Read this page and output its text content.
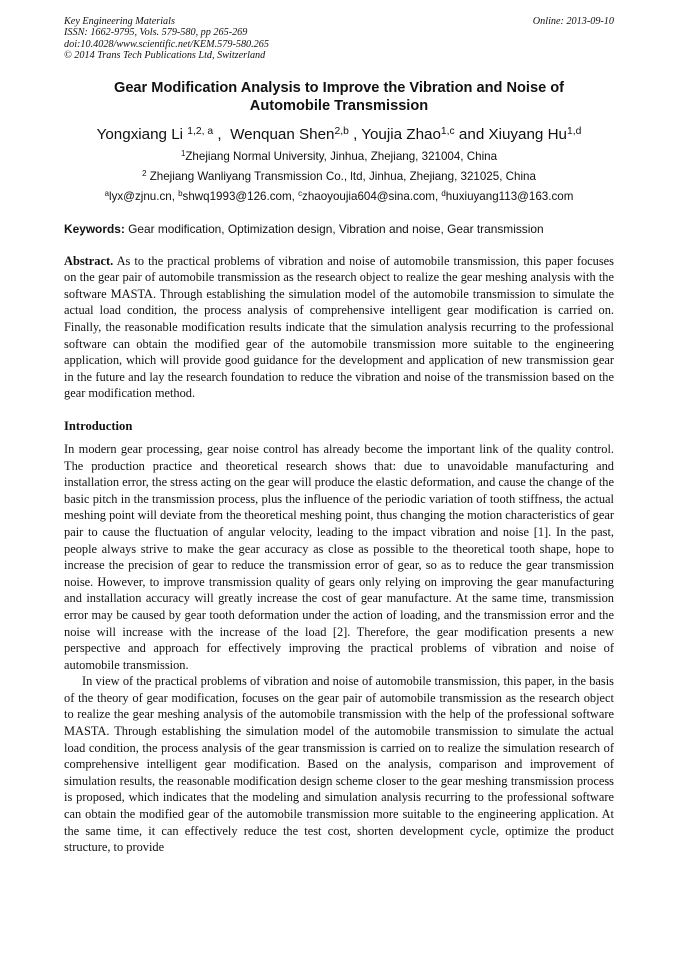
Key Engineering Materials
ISSN: 1662-9795, Vols. 579-580, pp 265-269
doi:10.4028/www.scientific.net/KEM.579-580.265
© 2014 Trans Tech Publications Ltd, Switzerland
Online: 2013-09-10
Gear Modification Analysis to Improve the Vibration and Noise of
Automobile Transmission
Yongxiang Li $^{1,2, a}$ ,  Wenquan Shen$^{2,b}$ , Youjia Zhao$^{1,c}$ and Xiuyang Hu$^{1,d}$
$^1$Zhejiang Normal University, Jinhua, Zhejiang, 321004, China
$^2$ Zhejiang Wanliyang Transmission Co., ltd, Jinhua, Zhejiang, 321025, China
$^a$lyx@zjnu.cn, $^b$shwq1993@126.com, $^c$zhaoyoujia604@sina.com, $^d$huxiuyang113@163.com
Keywords: Gear modification, Optimization design, Vibration and noise, Gear transmission
Abstract. As to the practical problems of vibration and noise of automobile transmission, this paper focuses on the gear pair of automobile transmission as the research object to realize the gear meshing analysis with the software MASTA. Through establishing the simulation model of the automobile transmission to simulate the actual load condition, the process analysis of comprehensive intelligent gear modification is carried on. Finally, the reasonable modification results indicate that the simulation analysis recurring to the professional software can obtain the modified gear of the automobile transmission more suitable to the engineering application, which will provide good guidance for the development and application of new transmission gear in the future and lay the research foundation to reduce the vibration and noise of the transmission based on the gear modification method.
Introduction
In modern gear processing, gear noise control has already become the important link of the quality control. The production practice and theoretical research shows that: due to unavoidable manufacturing and installation error, the stress acting on the gear will produce the elastic deformation, and cause the change of the basic pitch in the transmission process, plus the influence of the periodic variation of tooth stiffness, the actual meshing point will deviate from the theoretical meshing point, thus changing the motion characteristics of gear pair to cause the fluctuation of angular velocity, leading to the impact vibration and noise [1]. In the past, people always strive to make the gear accuracy as close as possible to the theoretical tooth shape, hope to increase the precision of gear to reduce the transmission error of gear, so as to reduce the gear transmission noise. However, to improve transmission quality of gears only relying on improving the gear manufacturing and installation accuracy will greatly increase the cost of gear manufacture. At the same time, transmission error may be caused by gear tooth deformation under the action of loading, and the transmission error and the noise will increase with the increase of the load [2]. Therefore, the gear modification presents a new perspective and approach for effectively improving the practical problems of vibration and noise of automobile transmission.
In view of the practical problems of vibration and noise of automobile transmission, this paper, in the basis of the theory of gear modification, focuses on the gear pair of automobile transmission as the research object to realize the gear meshing analysis of the automobile transmission with the help of the professional software MASTA. Through establishing the simulation model of the automobile transmission to simulate the actual load condition, the process analysis of the gear transmission is carried on to realize the simulation research of comprehensive intelligent gear modification. Based on the analysis, comparison and improvement of simulation results, the reasonable modification design scheme closer to the gear meshing transmission process is proposed, which indicates that the modeling and simulation analysis recurring to the professional software can obtain the modified gear of the automobile transmission more suitable to the engineering application. At the same time, it can effectively reduce the test cost, shorten development cycle, optimize the product structure, to provide
